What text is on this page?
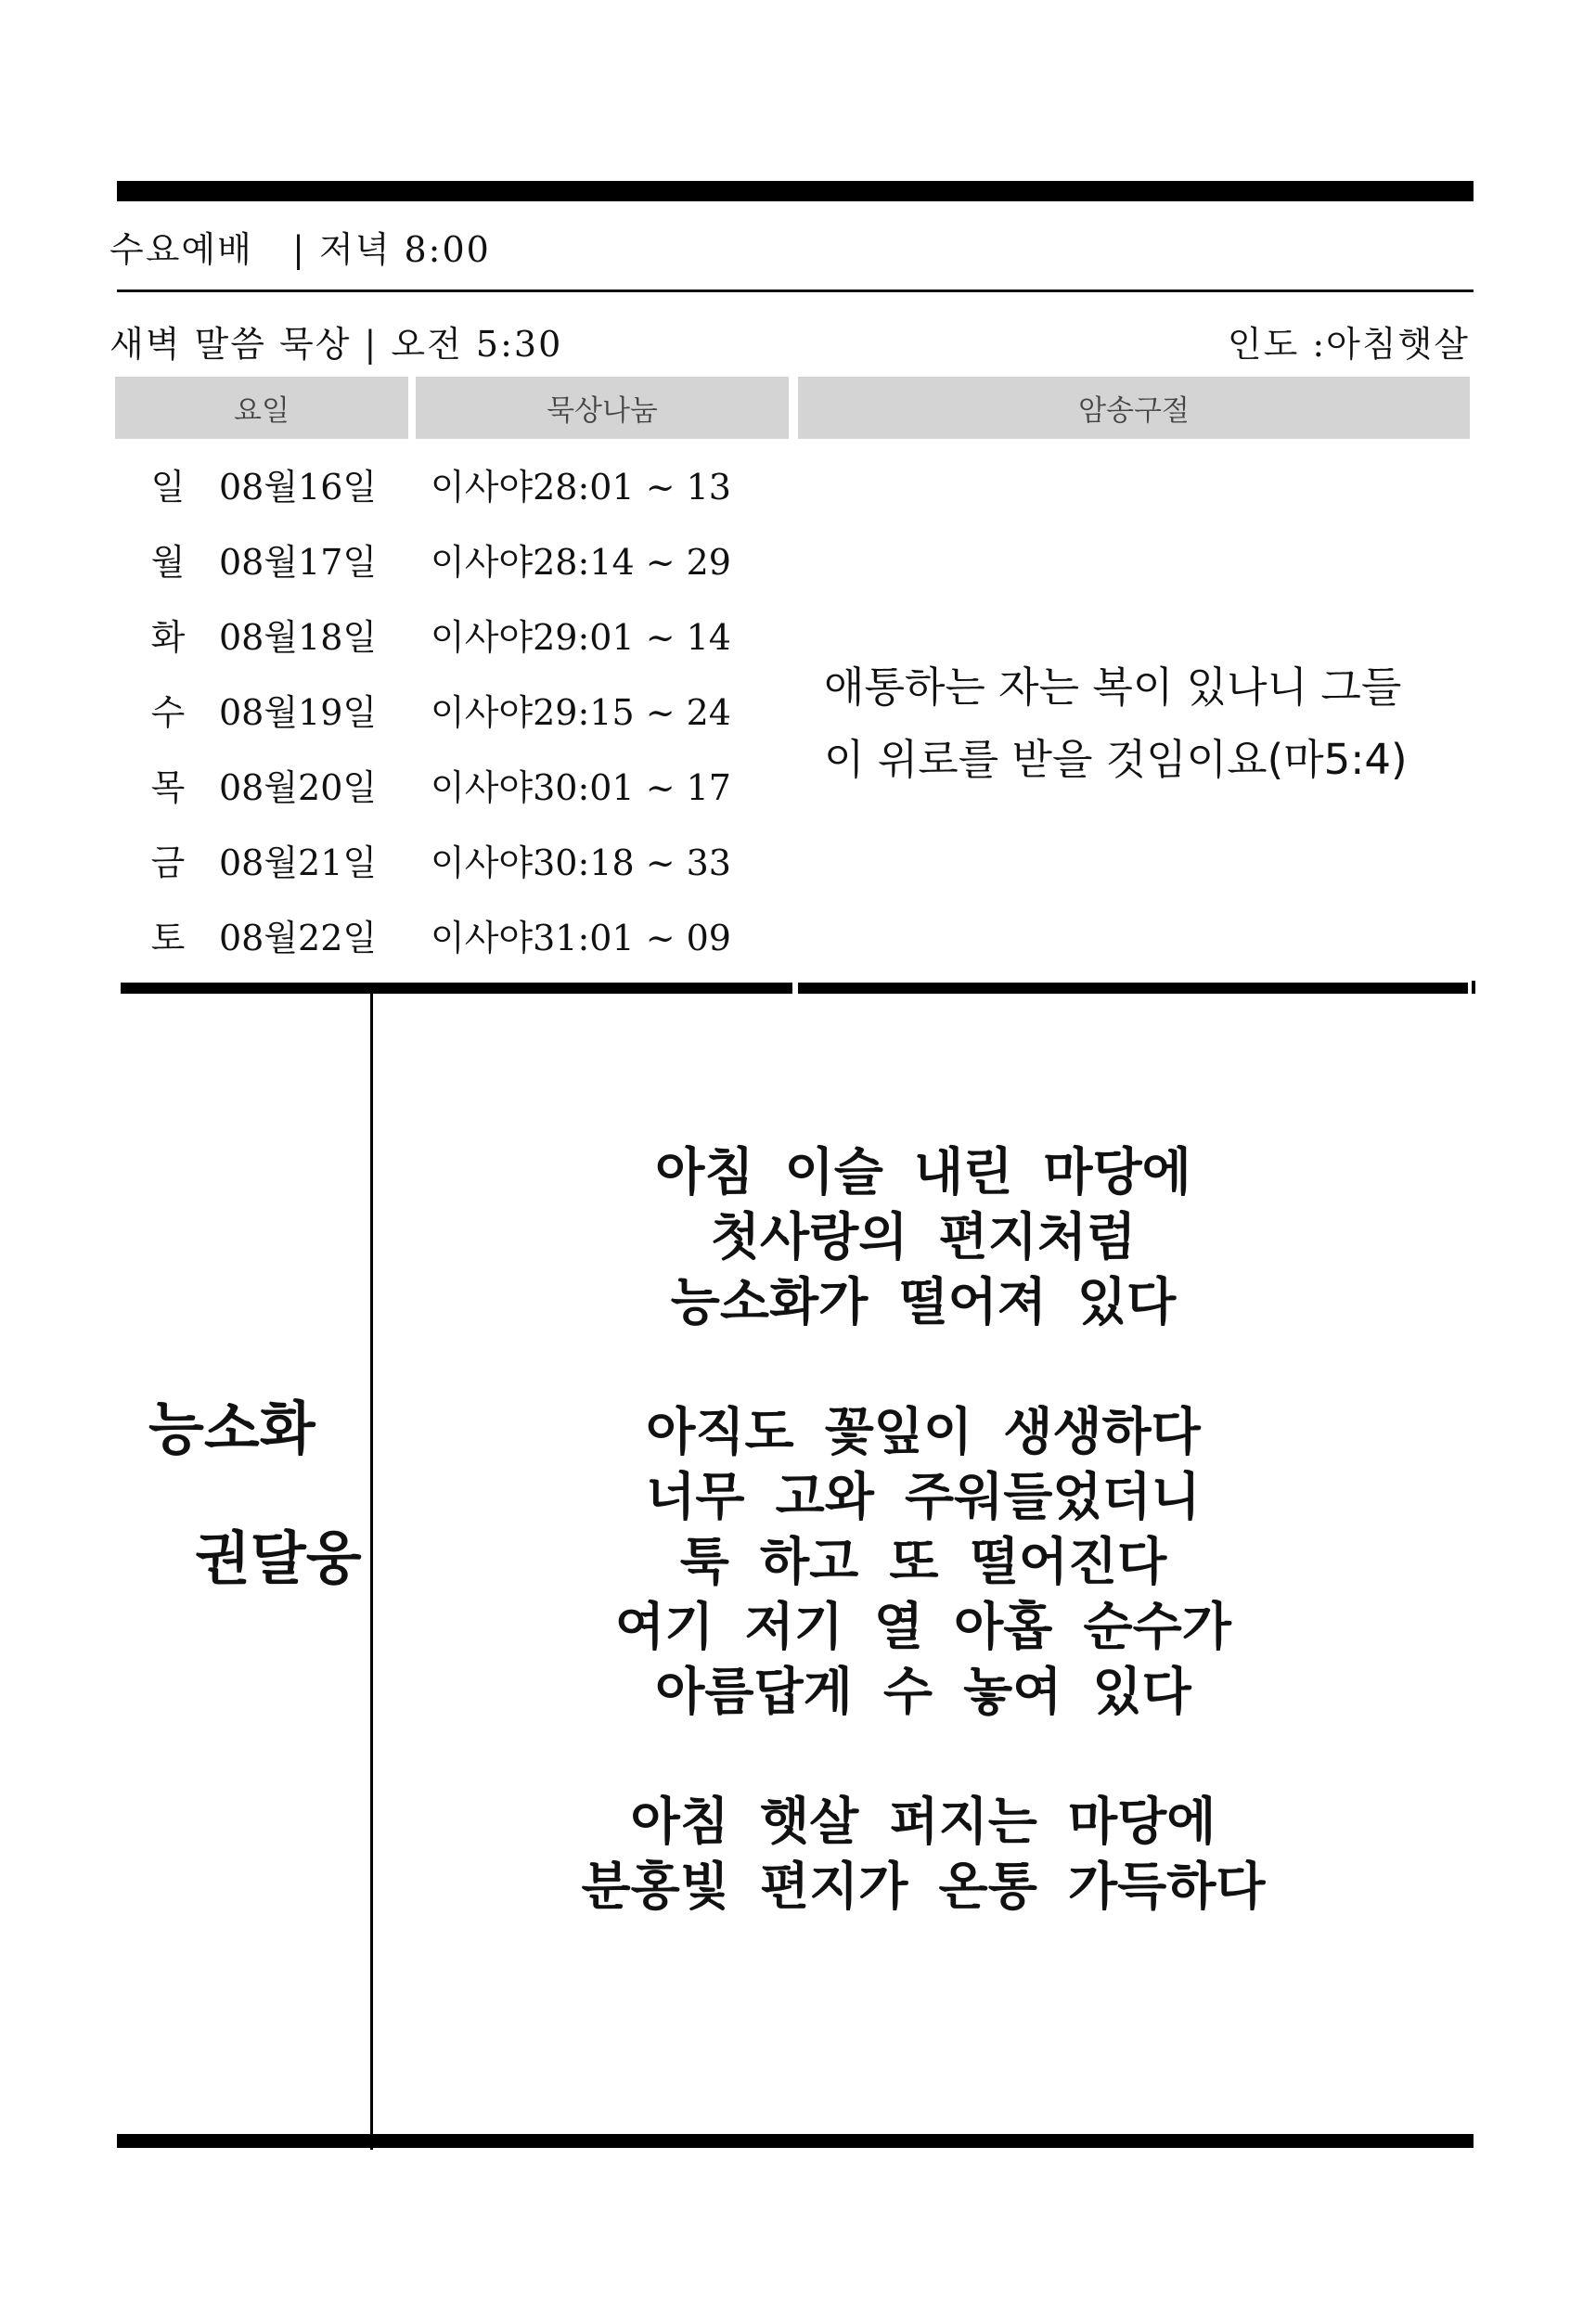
수요예배 | 저녁 8:00
새벽 말씀 묵상 | 오전 5:30	인도 :아침햇살
요일	묵상나눔	암송구절
일 08월16일	이사야28:01 ~ 13
월 08월17일	이사야28:14 ~ 29
화 08월18일	이사야29:01 ~ 14
수 08월19일	이사야29:15 ~ 24
목 08월20일	이사야30:01 ~ 17
금 08월21일	이사야30:18 ~ 33
토 08월22일	이사야31:01 ~ 09
애통하는 자는 복이 있나니 그들
이 위로를 받을 것임이요(마5:4)
능소화
권달웅
아침 이슬 내린 마당에
첫사랑의 편지처럼
능소화가 떨어져 있다
아직도 꽃잎이 생생하다
너무 고와 주워들었더니
툭 하고 또 떨어진다
여기 저기 열 아홉 순수가
아름답게 수 놓여 있다
아침 햇살 퍼지는 마당에
분홍빛 편지가 온통 가득하다
